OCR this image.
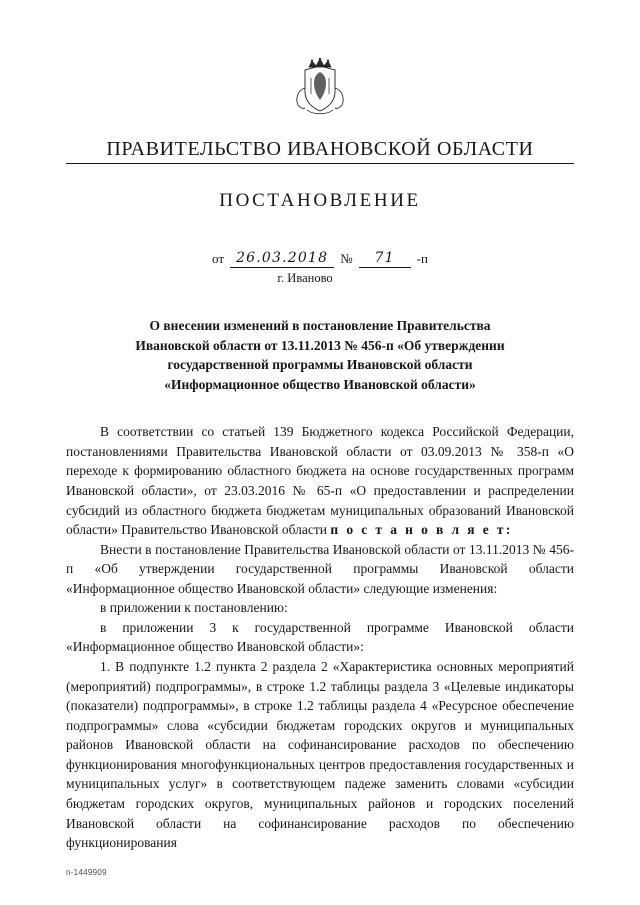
ПРАВИТЕЛЬСТВО ИВАНОВСКОЙ ОБЛАСТИ
ПОСТАНОВЛЕНИЕ
от 26.03.2018 №	71	-п
г. Иваново
О внесении изменений в постановление Правительства
Ивановской области от 13.11.2013 № 456-п «Об утверждении
государственной программы Ивановской области
«Информационное общество Ивановской области»

В соответствии со статьей 139 Бюджетного кодекса Российской Федерации, постановлениями Правительства Ивановской области от 03.09.2013 № 358-п «О переходе к формированию областного бюджета на основе государственных программ Ивановской области», от 23.03.2016 № 65-п «О предоставлении и распределении субсидий из областного бюджета бюджетам муниципальных образований Ивановской области» Правительство Ивановской области п о с т а н о в л я е т:

Внести в постановление Правительства Ивановской области от 13.11.2013 № 456-п «Об утверждении государственной программы Ивановской области «Информационное общество Ивановской области» следующие изменения:

в приложении к постановлению:

в приложении 3 к государственной программе Ивановской области «Информационное общество Ивановской области»:

1. В подпункте 1.2 пункта 2 раздела 2 «Характеристика основных мероприятий (мероприятий) подпрограммы», в строке 1.2 таблицы раздела 3 «Целевые индикаторы (показатели) подпрограммы», в строке 1.2 таблицы раздела 4 «Ресурсное обеспечение подпрограммы» слова «субсидии бюджетам городских округов и муниципальных районов Ивановской области на софинансирование расходов по обеспечению функционирования многофункциональных центров предоставления государственных и муниципальных услуг» в соответствующем падеже заменить словами «субсидии бюджетам городских округов, муниципальных районов и городских поселений Ивановской области на софинансирование расходов по обеспечению функционирования

п-1449909
